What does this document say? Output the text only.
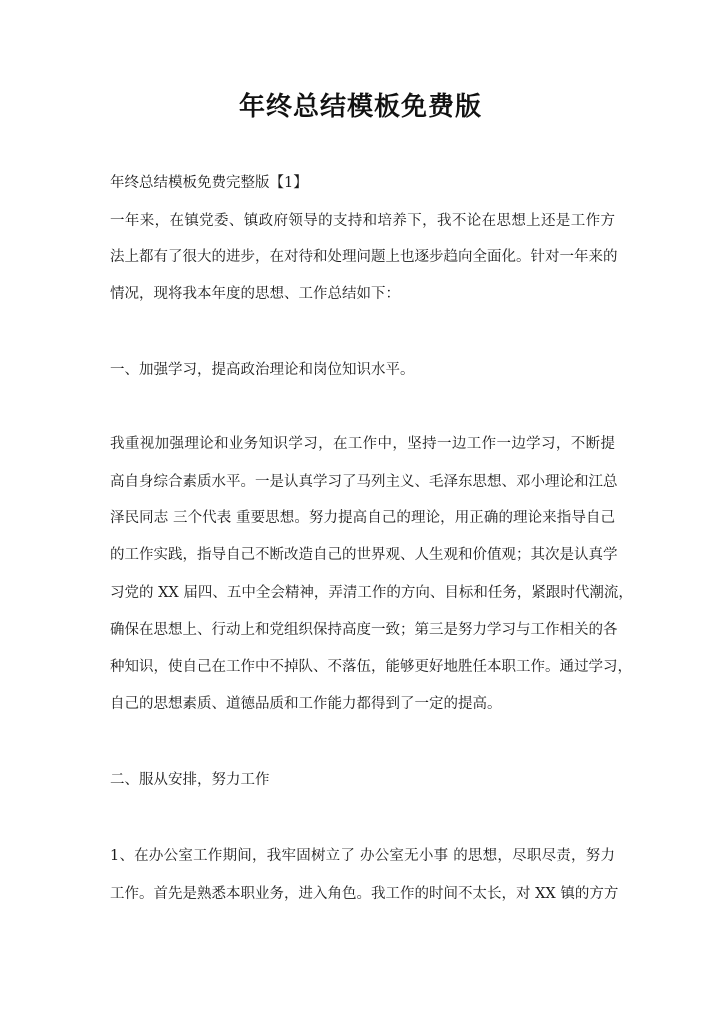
年终总结模板免费版
年终总结模板免费完整版【1】
一年来，在镇党委、镇政府领导的支持和培养下，我不论在思想上还是工作方
法上都有了很大的进步，在对待和处理问题上也逐步趋向全面化。针对一年来的
情况，现将我本年度的思想、工作总结如下：
一、加强学习，提高政治理论和岗位知识水平。
我重视加强理论和业务知识学习，在工作中，坚持一边工作一边学习，不断提
高自身综合素质水平。一是认真学习了马列主义、毛泽东思想、邓小理论和江总
泽民同志 三个代表 重要思想。努力提高自己的理论，用正确的理论来指导自己
的工作实践，指导自己不断改造自己的世界观、人生观和价值观；其次是认真学
习党的 XX 届四、五中全会精神，弄清工作的方向、目标和任务，紧跟时代潮流，
确保在思想上、行动上和党组织保持高度一致；第三是努力学习与工作相关的各
种知识，使自己在工作中不掉队、不落伍，能够更好地胜任本职工作。通过学习，
自己的思想素质、道德品质和工作能力都得到了一定的提高。
二、服从安排，努力工作
1、在办公室工作期间，我牢固树立了 办公室无小事 的思想，尽职尽责，努力
工作。首先是熟悉本职业务，进入角色。我工作的时间不太长，对 XX 镇的方方
